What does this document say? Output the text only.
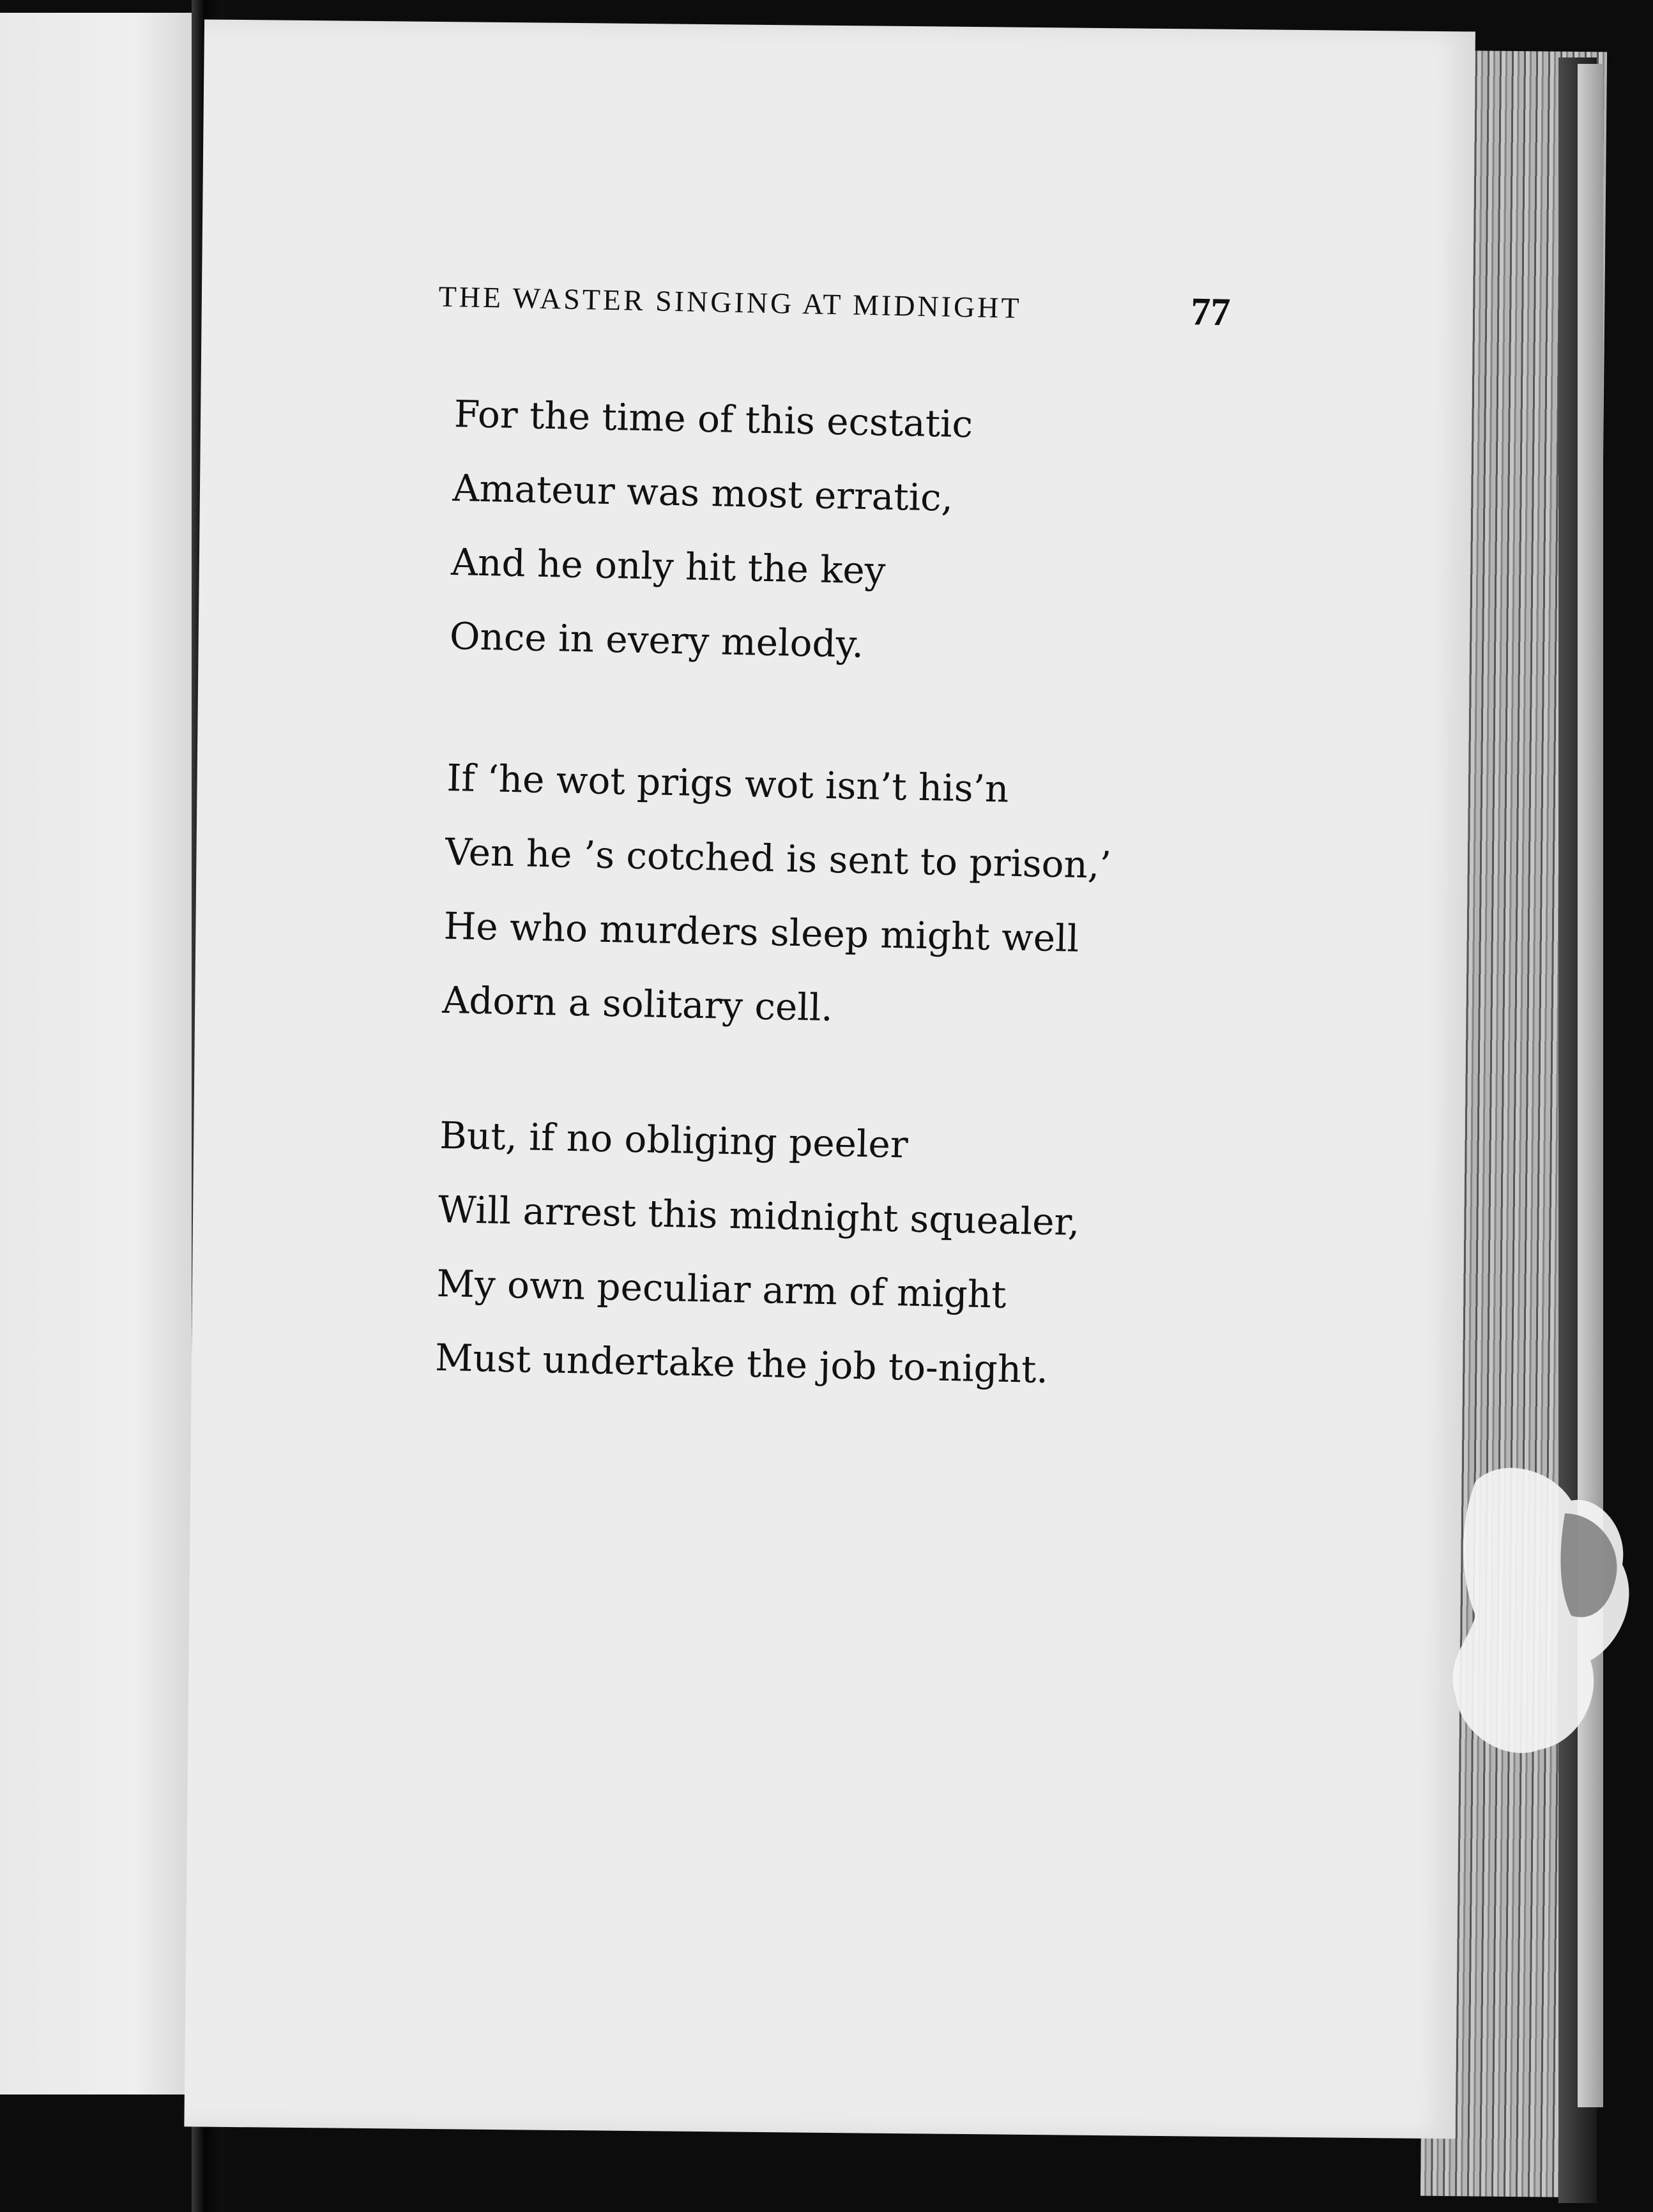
THE WASTER SINGING AT MIDNIGHT	77
For the time of this ecstatic
Amateur was most erratic,
And he only hit the key
Once in every melody.
If ‘he wot prigs wot isn’t his’n
Ven he ’s cotched is sent to prison,’
He who murders sleep might well
Adorn a solitary cell.
But, if no obliging peeler
Will arrest this midnight squealer,
My own peculiar arm of might
Must undertake the job to-night.
